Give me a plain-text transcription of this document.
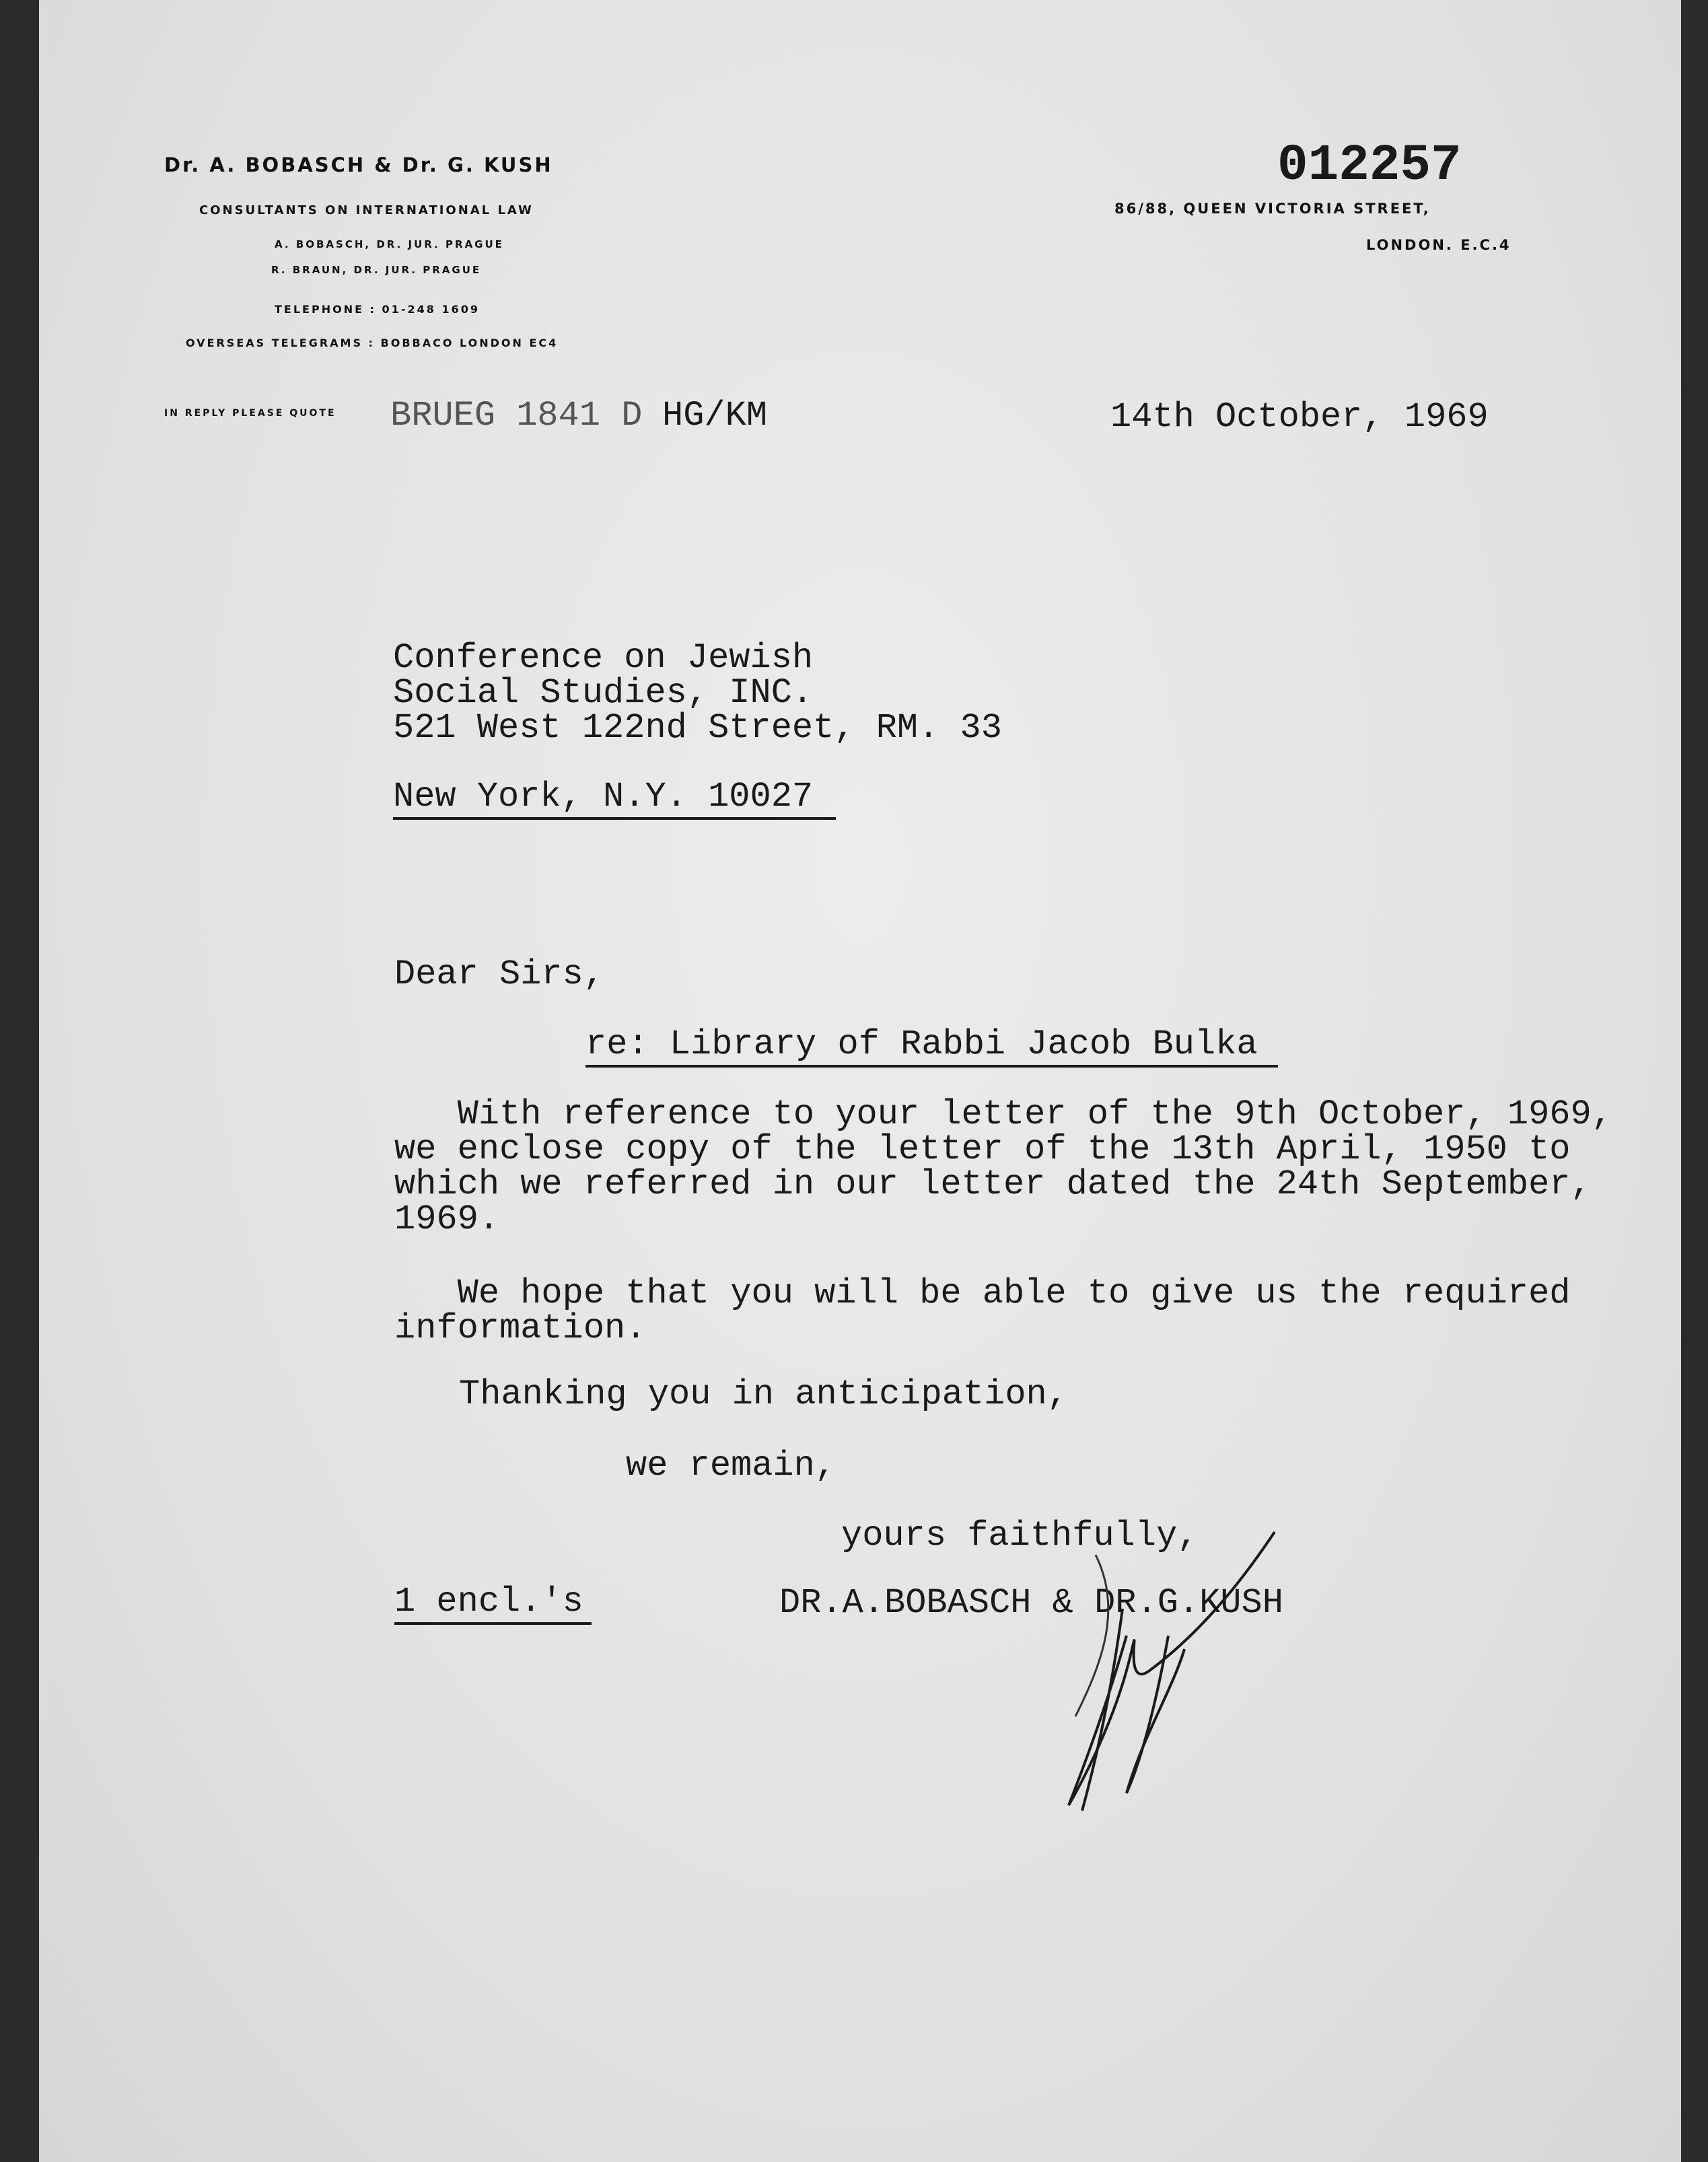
Dr. A. BOBASCH & Dr. G. KUSH
CONSULTANTS ON INTERNATIONAL LAW
A. BOBASCH, DR. JUR. PRAGUE
R. BRAUN, DR. JUR. PRAGUE
TELEPHONE : 01-248 1609
OVERSEAS TELEGRAMS : BOBBACO LONDON EC4
IN REPLY PLEASE QUOTE
012257
86/88, QUEEN VICTORIA STREET,
LONDON. E.C.4
BRUEG 1841 D HG/KM	14th October, 1969
Conference on Jewish
Social Studies, INC.
521 West 122nd Street, RM. 33
New York, N.Y. 10027
Dear Sirs,
re: Library of Rabbi Jacob Bulka
With reference to your letter of the 9th October, 1969,
we enclose copy of the letter of the 13th April, 1950 to
which we referred in our letter dated the 24th September,
1969.
We hope that you will be able to give us the required
information.
Thanking you in anticipation,
we remain,
yours faithfully,
1 encl.'s	DR.A.BOBASCH & DR.G.KUSH
